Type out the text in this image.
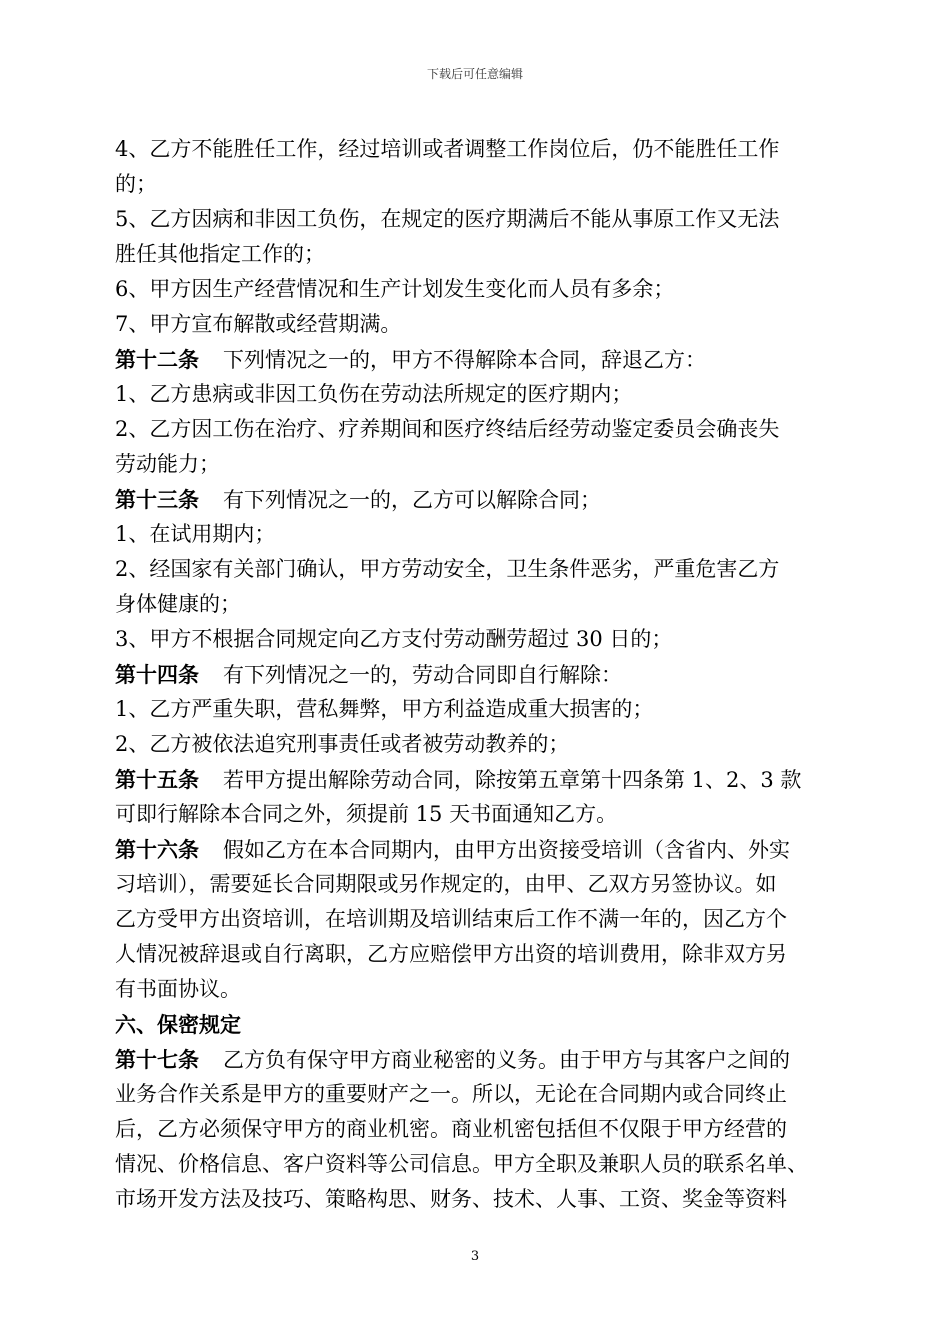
下载后可任意编辑
4、乙方不能胜任工作，经过培训或者调整工作岗位后，仍不能胜任工作
的；
5、乙方因病和非因工负伤，在规定的医疗期满后不能从事原工作又无法
胜任其他指定工作的；
6、甲方因生产经营情况和生产计划发生变化而人员有多余；
7、甲方宣布解散或经营期满。
第十二条 下列情况之一的，甲方不得解除本合同，辞退乙方：
1、乙方患病或非因工负伤在劳动法所规定的医疗期内；
2、乙方因工伤在治疗、疗养期间和医疗终结后经劳动鉴定委员会确丧失
劳动能力；
第十三条 有下列情况之一的，乙方可以解除合同；
1、在试用期内；
2、经国家有关部门确认，甲方劳动安全，卫生条件恶劣，严重危害乙方
身体健康的；
3、甲方不根据合同规定向乙方支付劳动酬劳超过 30 日的；
第十四条 有下列情况之一的，劳动合同即自行解除：
1、乙方严重失职，营私舞弊，甲方利益造成重大损害的；
2、乙方被依法追究刑事责任或者被劳动教养的；
第十五条 若甲方提出解除劳动合同，除按第五章第十四条第 1、2、3 款
可即行解除本合同之外，须提前 15 天书面通知乙方。
第十六条 假如乙方在本合同期内，由甲方出资接受培训（含省内、外实
习培训），需要延长合同期限或另作规定的，由甲、乙双方另签协议。如
乙方受甲方出资培训，在培训期及培训结束后工作不满一年的，因乙方个
人情况被辞退或自行离职，乙方应赔偿甲方出资的培训费用，除非双方另
有书面协议。
六、保密规定
第十七条 乙方负有保守甲方商业秘密的义务。由于甲方与其客户之间的
业务合作关系是甲方的重要财产之一。所以，无论在合同期内或合同终止
后，乙方必须保守甲方的商业机密。商业机密包括但不仅限于甲方经营的
情况、价格信息、客户资料等公司信息。甲方全职及兼职人员的联系名单、
市场开发方法及技巧、策略构思、财务、技术、人事、工资、奖金等资料
3
